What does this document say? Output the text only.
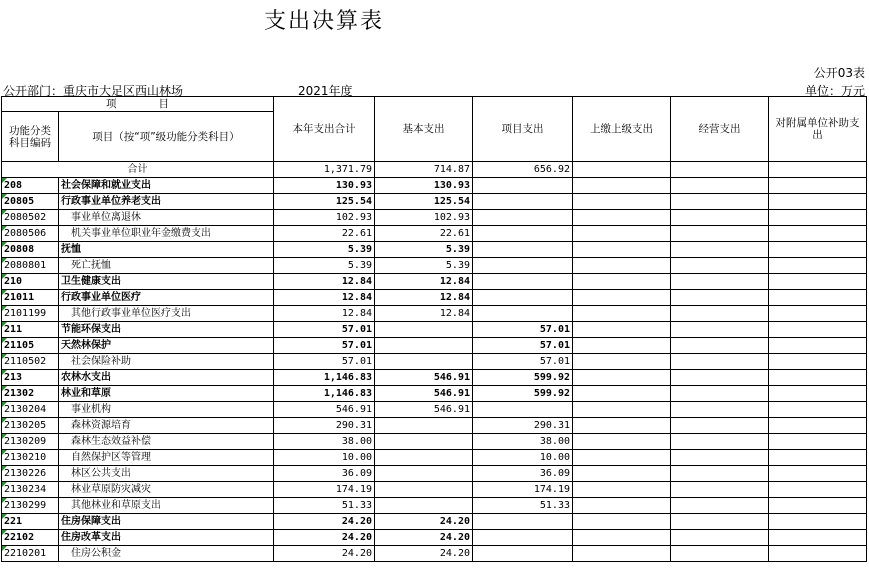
支出决算表
公开03表
公开部门：重庆市大足区西山林场	2021年度	单位：万元
项　　　　目		本年支出合计	基本支出	项目支出	上缴上级支出	经营支出	对附属单位补助支出
功能分类科目编码	项目（按“项”级功能分类科目）						
合计		1,371.79	714.87	656.92			
208	社会保障和就业支出	130.93	130.93				
20805	行政事业单位养老支出	125.54	125.54				
2080502	事业单位离退休	102.93	102.93				
2080506	机关事业单位职业年金缴费支出	22.61	22.61				
20808	抚恤	5.39	5.39				
2080801	死亡抚恤	5.39	5.39				
210	卫生健康支出	12.84	12.84				
21011	行政事业单位医疗	12.84	12.84				
2101199	其他行政事业单位医疗支出	12.84	12.84				
211	节能环保支出	57.01		57.01			
21105	天然林保护	57.01		57.01			
2110502	社会保险补助	57.01		57.01			
213	农林水支出	1,146.83	546.91	599.92			
21302	林业和草原	1,146.83	546.91	599.92			
2130204	事业机构	546.91	546.91				
2130205	森林资源培育	290.31		290.31			
2130209	森林生态效益补偿	38.00		38.00			
2130210	自然保护区等管理	10.00		10.00			
2130226	林区公共支出	36.09		36.09			
2130234	林业草原防灾减灾	174.19		174.19			
2130299	其他林业和草原支出	51.33		51.33			
221	住房保障支出	24.20	24.20				
22102	住房改革支出	24.20	24.20				
2210201	住房公积金	24.20	24.20				
